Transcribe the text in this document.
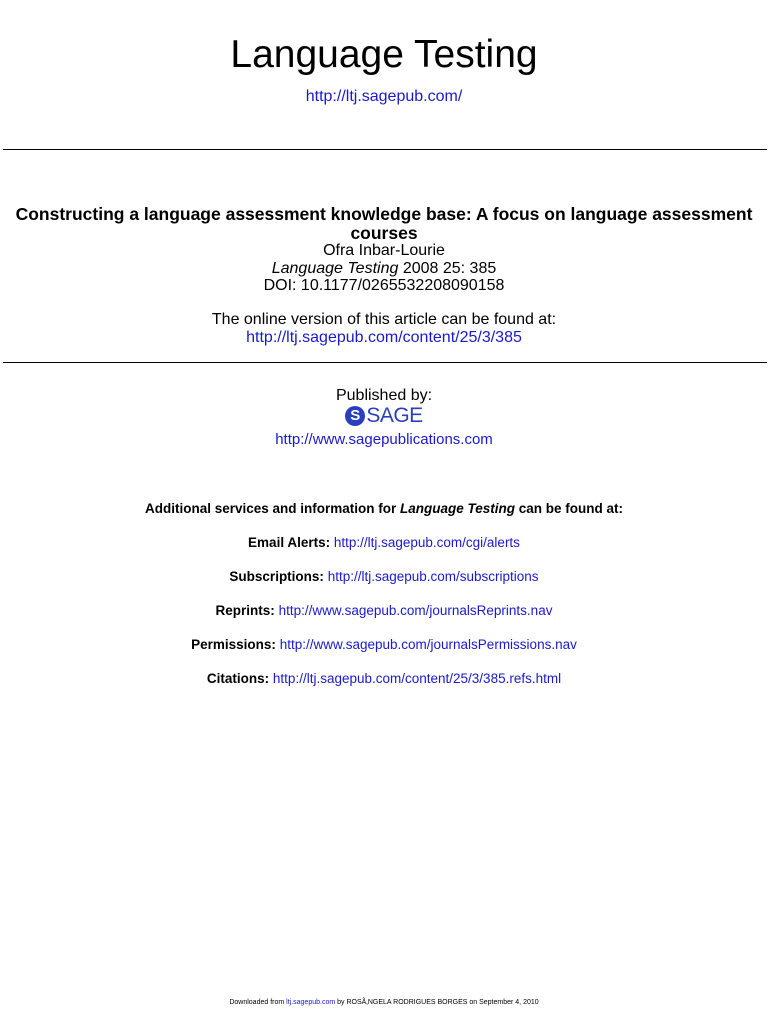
Language Testing
http://ltj.sagepub.com/
Constructing a language assessment knowledge base: A focus on language assessment courses
Ofra Inbar-Lourie
Language Testing 2008 25: 385
DOI: 10.1177/0265532208090158
The online version of this article can be found at:
http://ltj.sagepub.com/content/25/3/385
Published by:
S SAGE
http://www.sagepublications.com
Additional services and information for Language Testing can be found at:
Email Alerts: http://ltj.sagepub.com/cgi/alerts
Subscriptions: http://ltj.sagepub.com/subscriptions
Reprints: http://www.sagepub.com/journalsReprints.nav
Permissions: http://www.sagepub.com/journalsPermissions.nav
Citations: http://ltj.sagepub.com/content/25/3/385.refs.html
Downloaded from ltj.sagepub.com by ROSÃ‚NGELA RODRIGUES BORGES on September 4, 2010
